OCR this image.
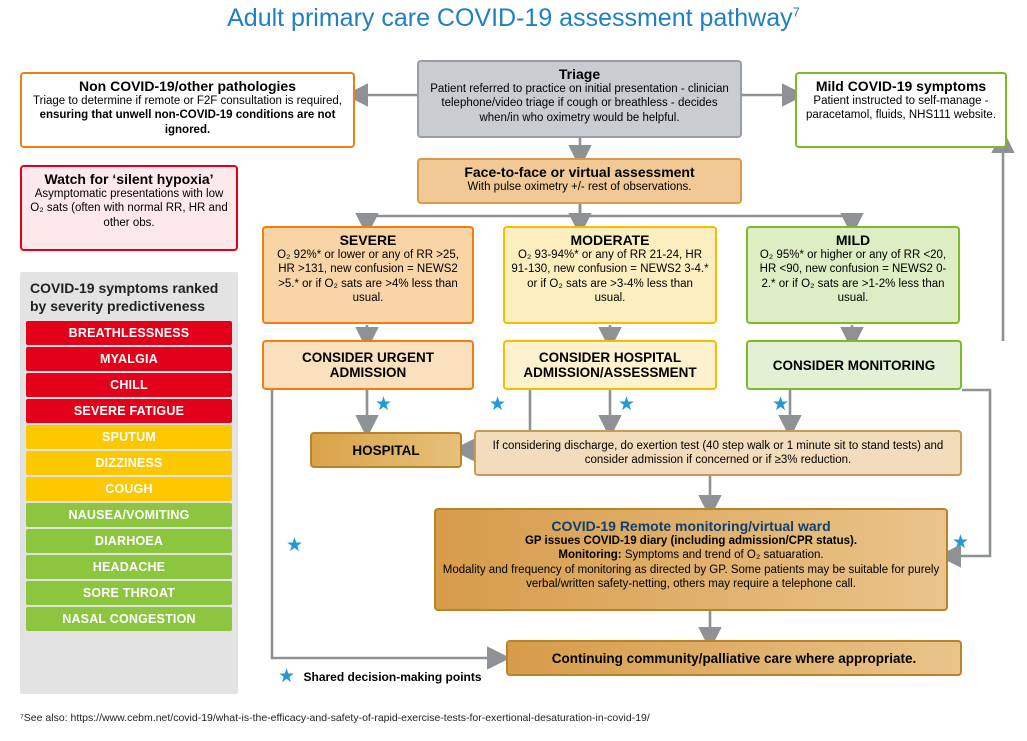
Adult primary care COVID-19 assessment pathway$^7$
Triage
Patient referred to practice on initial presentation - clinician telephone/video triage if cough or breathless - decides when/in who oximetry would be helpful.
Non COVID-19/other pathologies
Triage to determine if remote or F2F consultation is required, ensuring that unwell non-COVID-19 conditions are not ignored.
Mild COVID-19 symptoms
Patient instructed to self-manage - paracetamol, fluids, NHS111 website.
Watch for ‘silent hypoxia’
Asymptomatic presentations with low O₂ sats (often with normal RR, HR and other obs.
Face-to-face or virtual assessment
With pulse oximetry +/- rest of observations.
SEVERE
O₂ 92%* or lower or any of RR >25, HR >131, new confusion = NEWS2 >5.* or if O₂ sats are >4% less than usual.
MODERATE
O₂ 93-94%* or any of RR 21-24, HR 91-130, new confusion = NEWS2 3-4.* or if O₂ sats are >3-4% less than usual.
MILD
O₂ 95%* or higher or any of RR <20, HR <90, new confusion = NEWS2 0-2.* or if O₂ sats are >1-2% less than usual.
CONSIDER URGENT ADMISSION
CONSIDER HOSPITAL ADMISSION/ASSESSMENT	CONSIDER MONITORING
HOSPITAL	If considering discharge, do exertion test (40 step walk or 1 minute sit to stand tests) and consider admission if concerned or if ≥3% reduction.
COVID-19 Remote monitoring/virtual ward
GP issues COVID-19 diary (including admission/CPR status).
Monitoring: Symptoms and trend of O₂ satuaration.
Modality and frequency of monitoring as directed by GP. Some patients may be suitable for purely verbal/written safety-netting, others may require a telephone call.
Continuing community/palliative care where appropriate.
COVID-19 symptoms ranked by severity predictiveness
BREATHLESSNESS
MYALGIA
CHILL
SEVERE FATIGUE
SPUTUM
DIZZINESS
COUGH
NAUSEA/VOMITING
DIARHOEA
HEADACHE
SORE THROAT
NASAL CONGESTION
★	★	★	★
★	★
★ Shared decision-making points
⁷See also: https://www.cebm.net/covid-19/what-is-the-efficacy-and-safety-of-rapid-exercise-tests-for-exertional-desaturation-in-covid-19/
